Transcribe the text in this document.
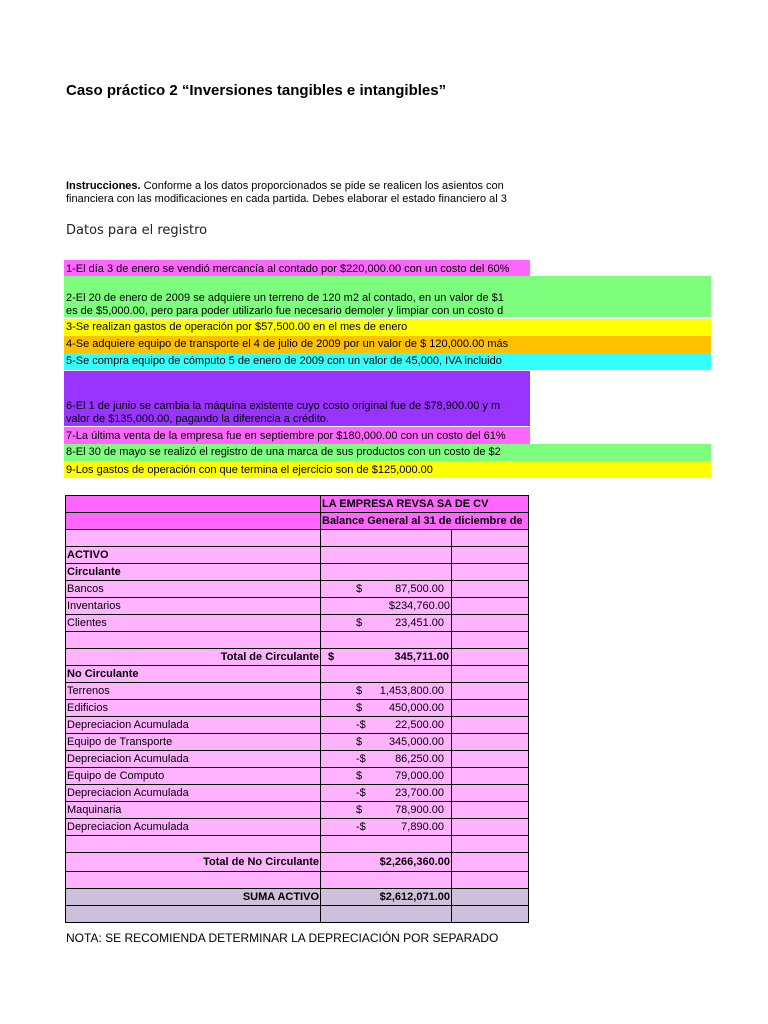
Caso práctico 2 “Inversiones tangibles e intangibles”
Instrucciones. Conforme a los datos proporcionados se pide se realicen los asientos con
financiera con las modificaciones en cada partida. Debes elaborar el estado financiero al 3
Datos para el registro
1-El día 3 de enero se vendió mercancía al contado por $220,000.00 con un costo del 60%
2-El 20 de enero de 2009 se adquiere un terreno de 120 m2 al contado, en un valor de $1
es de $5,000.00, pero para poder utilizarlo fue necesario demoler y limpiar con un costo d
3-Se realizan gastos de operación por $57,500.00 en el mes de enero
4-Se adquiere equipo de transporte el 4 de julio de 2009 por un valor de $ 120,000.00 más
5-Se compra equipo de cómputo 5 de enero de 2009 con un valor de 45,000, IVA incluido
6-El 1 de junio se cambia la máquina existente cuyo costo original fue de $78,900.00 y m
valor de $135,000.00, pagando la diferencia a crédito.
7-La última venta de la empresa fue en septiembre por $180,000.00 con un costo del 61%
8-El 30 de mayo se realizó el registro de una marca de sus productos con un costo de $2
9-Los gastos de operación con que termina el ejercicio son de $125,000.00
	LA EMPRESA REVSA SA DE CV	
	Balance General al 31 de diciembre de	

ACTIVO		
Circulante		
Bancos	$ 87,500.00	

Inventarios	$234,760.00	
Clientes	$ 23,451.00	

Total de Circulante	$ 345,711.00	

No Circulante		
Terrenos	$ 1,453,800.00	

Edificios	$ 450,000.00	

Depreciacion Acumulada	-$ 22,500.00	

Equipo de Transporte	$ 345,000.00	

Depreciacion Acumulada	-$ 86,250.00	

Equipo de Computo	$ 79,000.00	

Depreciacion Acumulada	-$ 23,700.00	

Maquinaria	$ 78,900.00	

Depreciacion Acumulada	-$ 7,890.00	

Total de No Circulante	$2,266,360.00	

SUMA ACTIVO	$2,612,071.00	

NOTA: SE RECOMIENDA DETERMINAR LA DEPRECIACIÓN POR SEPARADO
